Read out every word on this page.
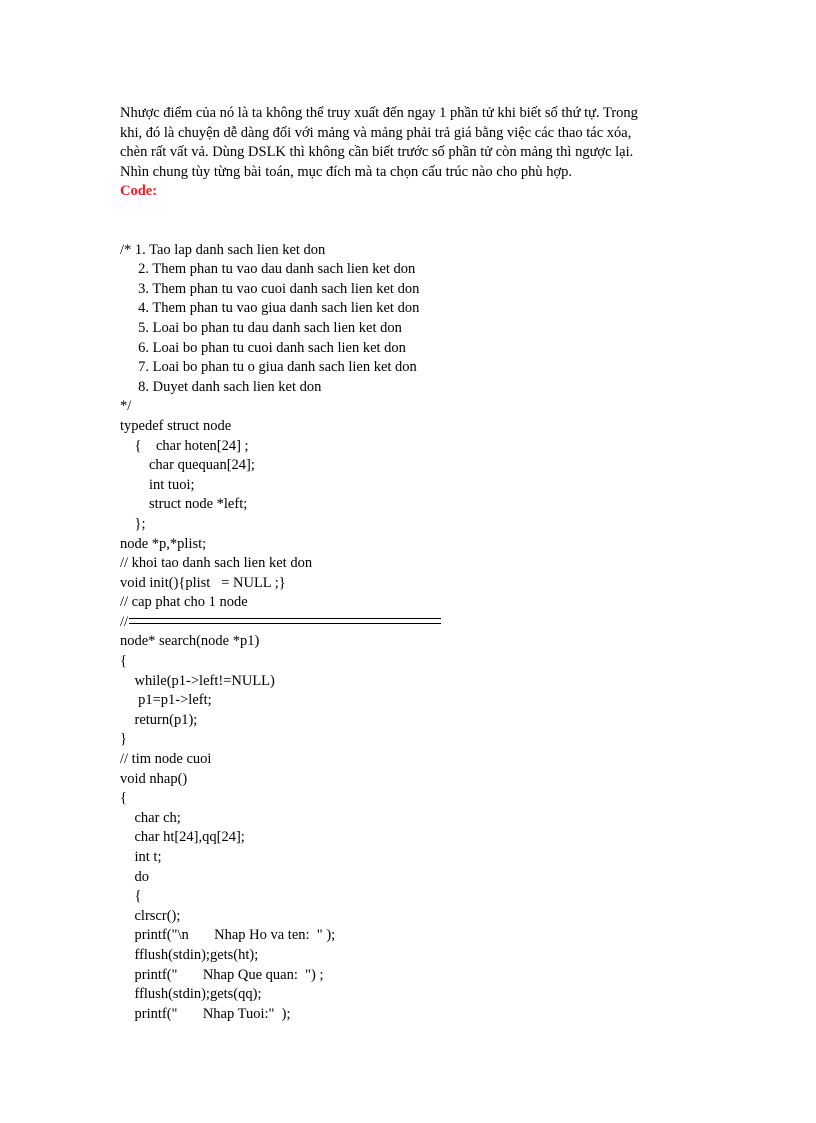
Nhược điểm của nó là ta không thể truy xuất đến ngay 1 phần tử khi biết số thứ tự. Trong
khi, đó là chuyện dễ dàng đối với mảng và mảng phải trả giá bằng việc các thao tác xóa,
chèn rất vất vả. Dùng DSLK thì không cần biết trước số phần tử còn mảng thì ngược lại.
Nhìn chung tùy từng bài toán, mục đích mà ta chọn cấu trúc nào cho phù hợp.
Code:
/* 1. Tao lap danh sach lien ket don
2. Them phan tu vao dau danh sach lien ket don
3. Them phan tu vao cuoi danh sach lien ket don
4. Them phan tu vao giua danh sach lien ket don
5. Loai bo phan tu dau danh sach lien ket don
6. Loai bo phan tu cuoi danh sach lien ket don
7. Loai bo phan tu o giua danh sach lien ket don
8. Duyet danh sach lien ket don
*/
typedef struct node
{    char hoten[24] ;
char quequan[24];
int tuoi;
struct node *left;
};
node *p,*plist;
// khoi tao danh sach lien ket don
void init(){plist   = NULL ;}
// cap phat cho 1 node
//
node* search(node *p1)
{
while(p1->left!=NULL)
p1=p1->left;
return(p1);
}
// tim node cuoi
void nhap()
{
char ch;
char ht[24],qq[24];
int t;
do
{
clrscr();
printf("\n       Nhap Ho va ten:  " );
fflush(stdin);gets(ht);
printf("       Nhap Que quan:  ") ;
fflush(stdin);gets(qq);
printf("       Nhap Tuoi:"  );
